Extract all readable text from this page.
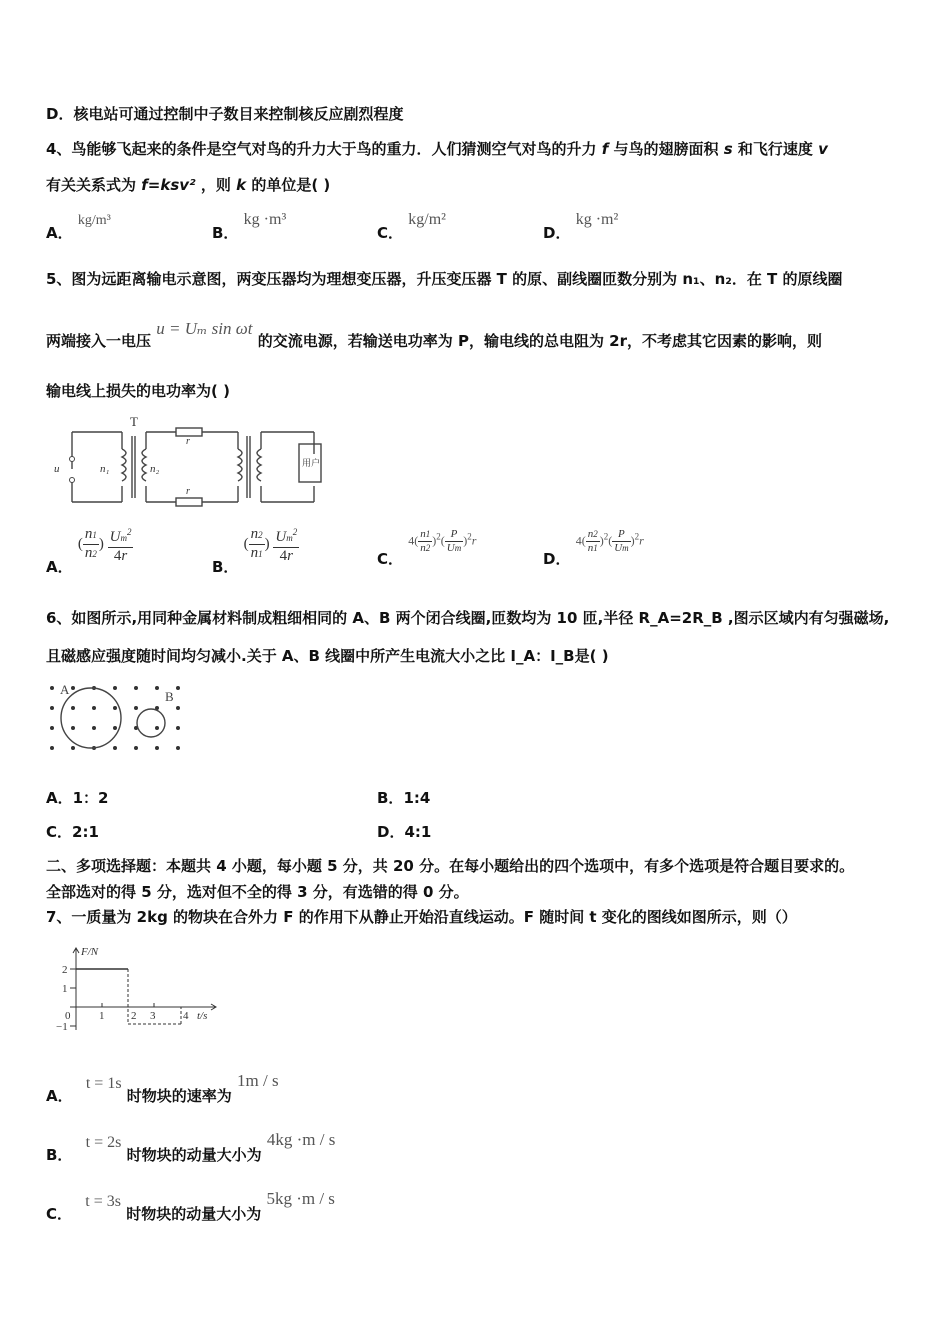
D．核电站可通过控制中子数目来控制核反应剧烈程度
4、鸟能够飞起来的条件是空气对鸟的升力大于鸟的重力．人们猜测空气对鸟的升力 f 与鸟的翅膀面积 s 和飞行速度 v
有关关系式为 f=ksv² ，则 k 的单位是( )
A． kg/m³
B． kg ·m³
C． kg/m²
D． kg ·m²
5、图为远距离输电示意图，两变压器均为理想变压器，升压变压器 T 的原、副线圈匝数分别为 n₁、n₂．在 T 的原线圈
两端接入一电压 u = Uₘ sin ωt 的交流电源，若输送电功率为 P，输电线的总电阻为 2r，不考虑其它因素的影响，则
输电线上损失的电功率为( )
T
u	n₁	n₂
r
r
用户
A． ( $\frac{n1}{n2}$ ) $\frac{Um^2}{4r}$
B． ( $\frac{n2}{n1}$ ) $\frac{Um^2}{4r}$	C． $4( \frac{n1}{n2} )^2( \frac{P}{Um} )^2r$
D． $4( \frac{n2}{n1} )^2( \frac{P}{Um} )^2r$
6、如图所示,用同种金属材料制成粗细相同的 A、B 两个闭合线圈,匝数均为 10 匝,半径 R_A=2R_B ,图示区域内有匀强磁场,
且磁感应强度随时间均匀减小.关于 A、B 线圈中所产生电流大小之比 I_A：I_B是( )
A	B
A．1：2	B．1:4
C．2:1	D．4:1
二、多项选择题：本题共 4 小题，每小题 5 分，共 20 分。在每小题给出的四个选项中，有多个选项是符合题目要求的。
全部选对的得 5 分，选对但不全的得 3 分，有选错的得 0 分。
7、一质量为 2kg 的物块在合外力 F 的作用下从静止开始沿直线运动。F 随时间 t 变化的图线如图所示，则（）
F/N
t/s
2
1
0
−1
1 2 3	4
A． t = 1s 时物块的速率为 1m / s
B． t = 2s 时物块的动量大小为 4kg ·m / s
C． t = 3s 时物块的动量大小为 5kg ·m / s
